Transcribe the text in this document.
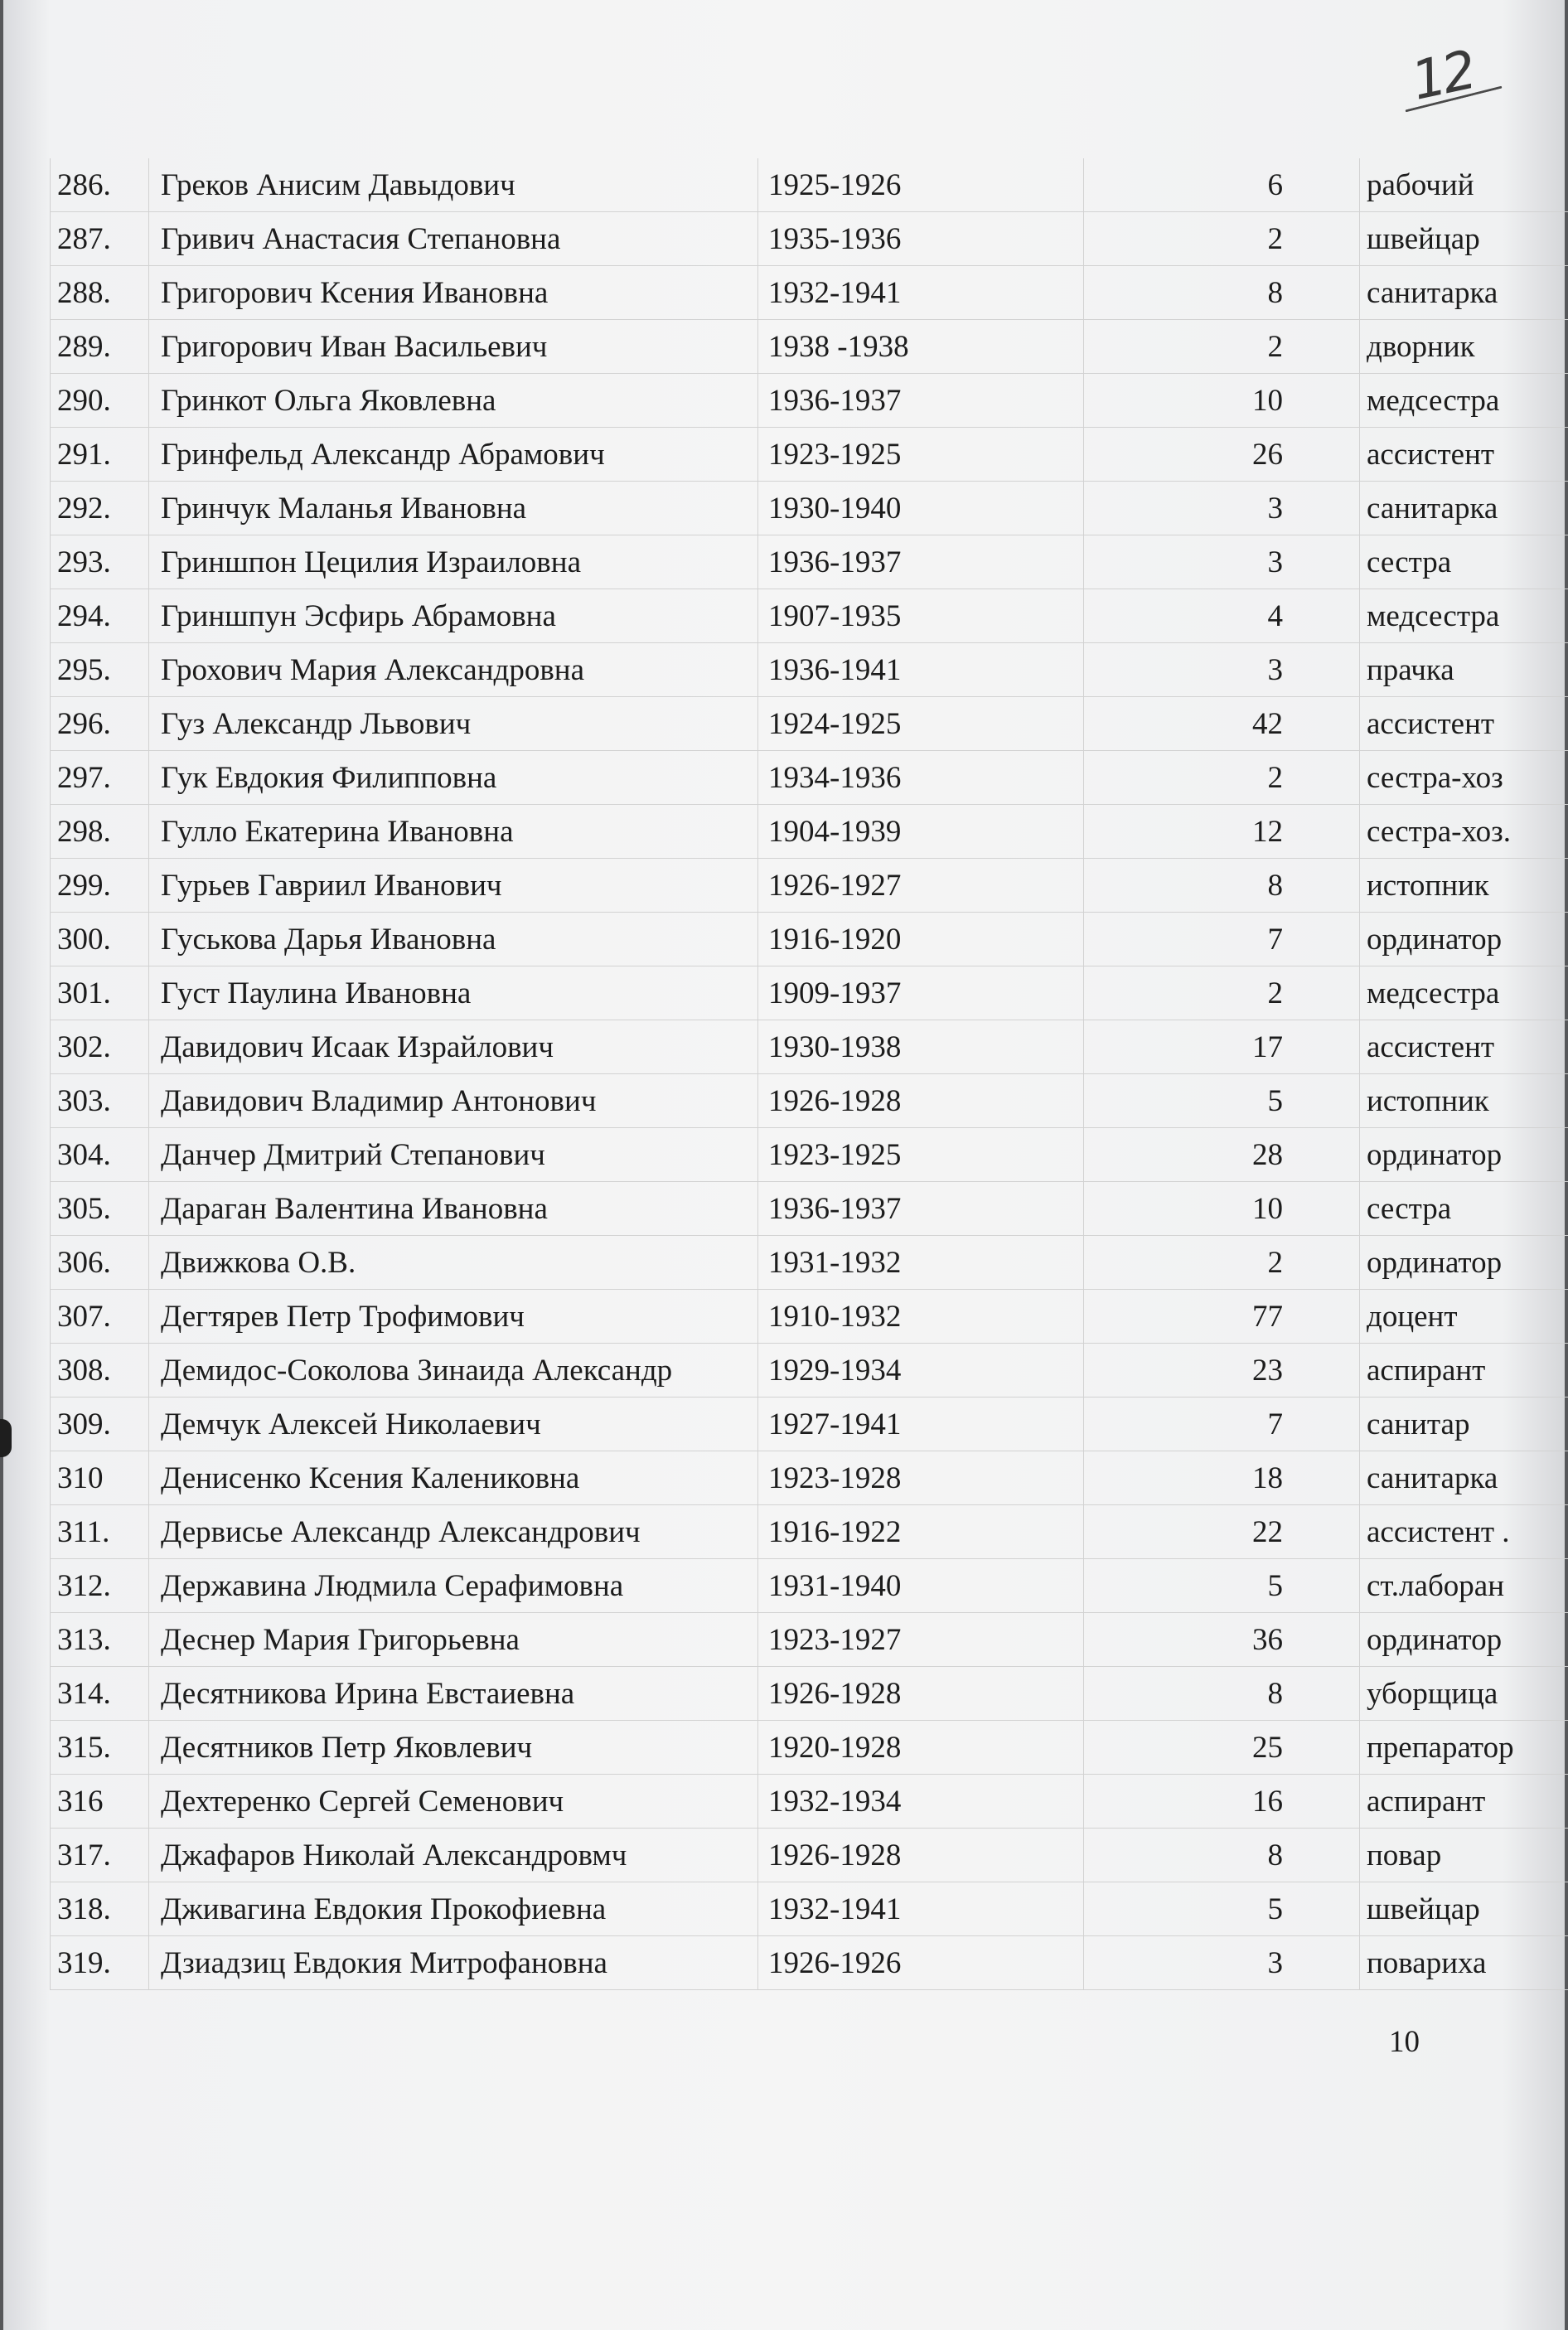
12
286.	Греков Анисим Давыдович	1925-1926	6	рабочий
287.	Гривич Анастасия Степановна	1935-1936	2	швейцар
288.	Григорович Ксения Ивановна	1932-1941	8	санитарка
289.	Григорович Иван Васильевич	1938 -1938	2	дворник
290.	Гринкот Ольга Яковлевна	1936-1937	10	медсестра
291.	Гринфельд Александр Абрамович	1923-1925	26	ассистент
292.	Гринчук Маланья Ивановна	1930-1940	3	санитарка
293.	Гриншпон Цецилия Израиловна	1936-1937	3	сестра
294.	Гриншпун Эсфирь Абрамовна	1907-1935	4	медсестра
295.	Грохович Мария Александровна	1936-1941	3	прачка
296.	Гуз Александр Львович	1924-1925	42	ассистент
297.	Гук Евдокия Филипповна	1934-1936	2	сестра-хоз
298.	Гулло Екатерина Ивановна	1904-1939	12	сестра-хоз.
299.	Гурьев Гавриил Иванович	1926-1927	8	истопник
300.	Гуськова Дарья Ивановна	1916-1920	7	ординатор
301.	Густ Паулина Ивановна	1909-1937	2	медсестра
302.	Давидович Исаак Израйлович	1930-1938	17	ассистент
303.	Давидович Владимир Антонович	1926-1928	5	истопник
304.	Данчер Дмитрий Степанович	1923-1925	28	ординатор
305.	Дараган Валентина Ивановна	1936-1937	10	сестра
306.	Движкова О.В.	1931-1932	2	ординатор
307.	Дегтярев Петр Трофимович	1910-1932	77	доцент
308.	Демидос-Соколова Зинаида Александр	1929-1934	23	аспирант
309.	Демчук Алексей Николаевич	1927-1941	7	санитар
310	Денисенко Ксения Калениковна	1923-1928	18	санитарка
311.	Дервисье Александр Александрович	1916-1922	22	ассистент .
312.	Державина Людмила Серафимовна	1931-1940	5	ст.лаборан
313.	Деснер Мария Григорьевна	1923-1927	36	ординатор
314.	Десятникова Ирина Евстаиевна	1926-1928	8	уборщица
315.	Десятников Петр Яковлевич	1920-1928	25	препаратор
316	Дехтеренко Сергей Семенович	1932-1934	16	аспирант
317.	Джафаров Николай Александровмч	1926-1928	8	повар
318.	Дживагина Евдокия Прокофиевна	1932-1941	5	швейцар
319.	Дзиадзиц Евдокия Митрофановна	1926-1926	3	повариха
10
